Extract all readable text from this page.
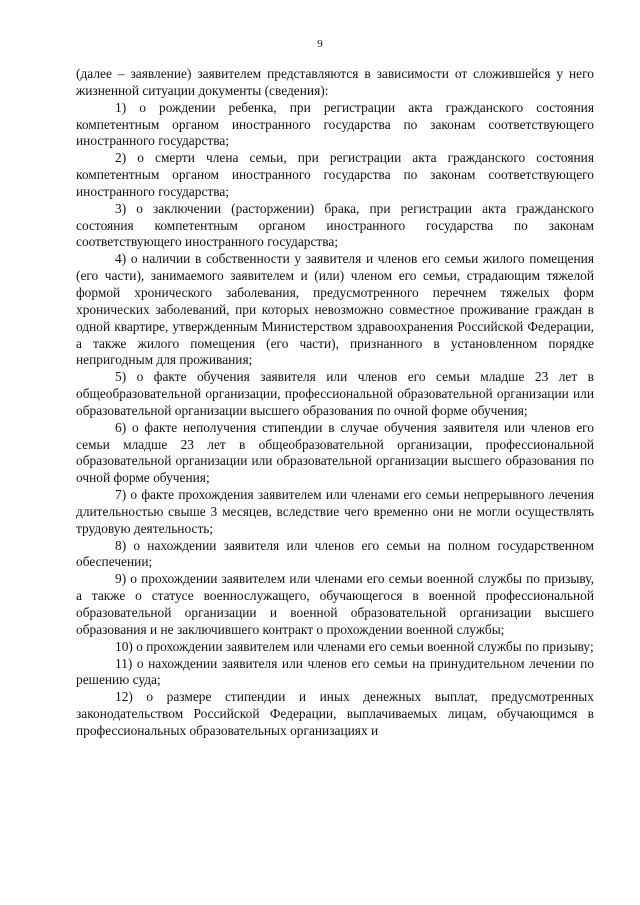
9

(далее – заявление) заявителем представляются в зависимости от сложившейся у него жизненной ситуации документы (сведения):

1) о рождении ребенка, при регистрации акта гражданского состояния компетентным органом иностранного государства по законам соответствующего иностранного государства;

2) о смерти члена семьи, при регистрации акта гражданского состояния компетентным органом иностранного государства по законам соответствующего иностранного государства;

3) о заключении (расторжении) брака, при регистрации акта гражданского состояния компетентным органом иностранного государства по законам соответствующего иностранного государства;

4) о наличии в собственности у заявителя и членов его семьи жилого помещения (его части), занимаемого заявителем и (или) членом его семьи, страдающим тяжелой формой хронического заболевания, предусмотренного перечнем тяжелых форм хронических заболеваний, при которых невозможно совместное проживание граждан в одной квартире, утвержденным Министерством здравоохранения Российской Федерации, а также жилого помещения (его части), признанного в установленном порядке непригодным для проживания;

5) о факте обучения заявителя или членов его семьи младше 23 лет в общеобразовательной организации, профессиональной образовательной организации или образовательной организации высшего образования по очной форме обучения;

6) о факте неполучения стипендии в случае обучения заявителя или членов его семьи младше 23 лет в общеобразовательной организации, профессиональной образовательной организации или образовательной организации высшего образования по очной форме обучения;

7) о факте прохождения заявителем или членами его семьи непрерывного лечения длительностью свыше 3 месяцев, вследствие чего временно они не могли осуществлять трудовую деятельность;

8) о нахождении заявителя или членов его семьи на полном государственном обеспечении;

9) о прохождении заявителем или членами его семьи военной службы по призыву, а также о статусе военнослужащего, обучающегося в военной профессиональной образовательной организации и военной образовательной организации высшего образования и не заключившего контракт о прохождении военной службы;

10) о прохождении заявителем или членами его семьи военной службы по призыву;

11) о нахождении заявителя или членов его семьи на принудительном лечении по решению суда;

12) о размере стипендии и иных денежных выплат, предусмотренных законодательством Российской Федерации, выплачиваемых лицам, обучающимся в профессиональных образовательных организациях и
